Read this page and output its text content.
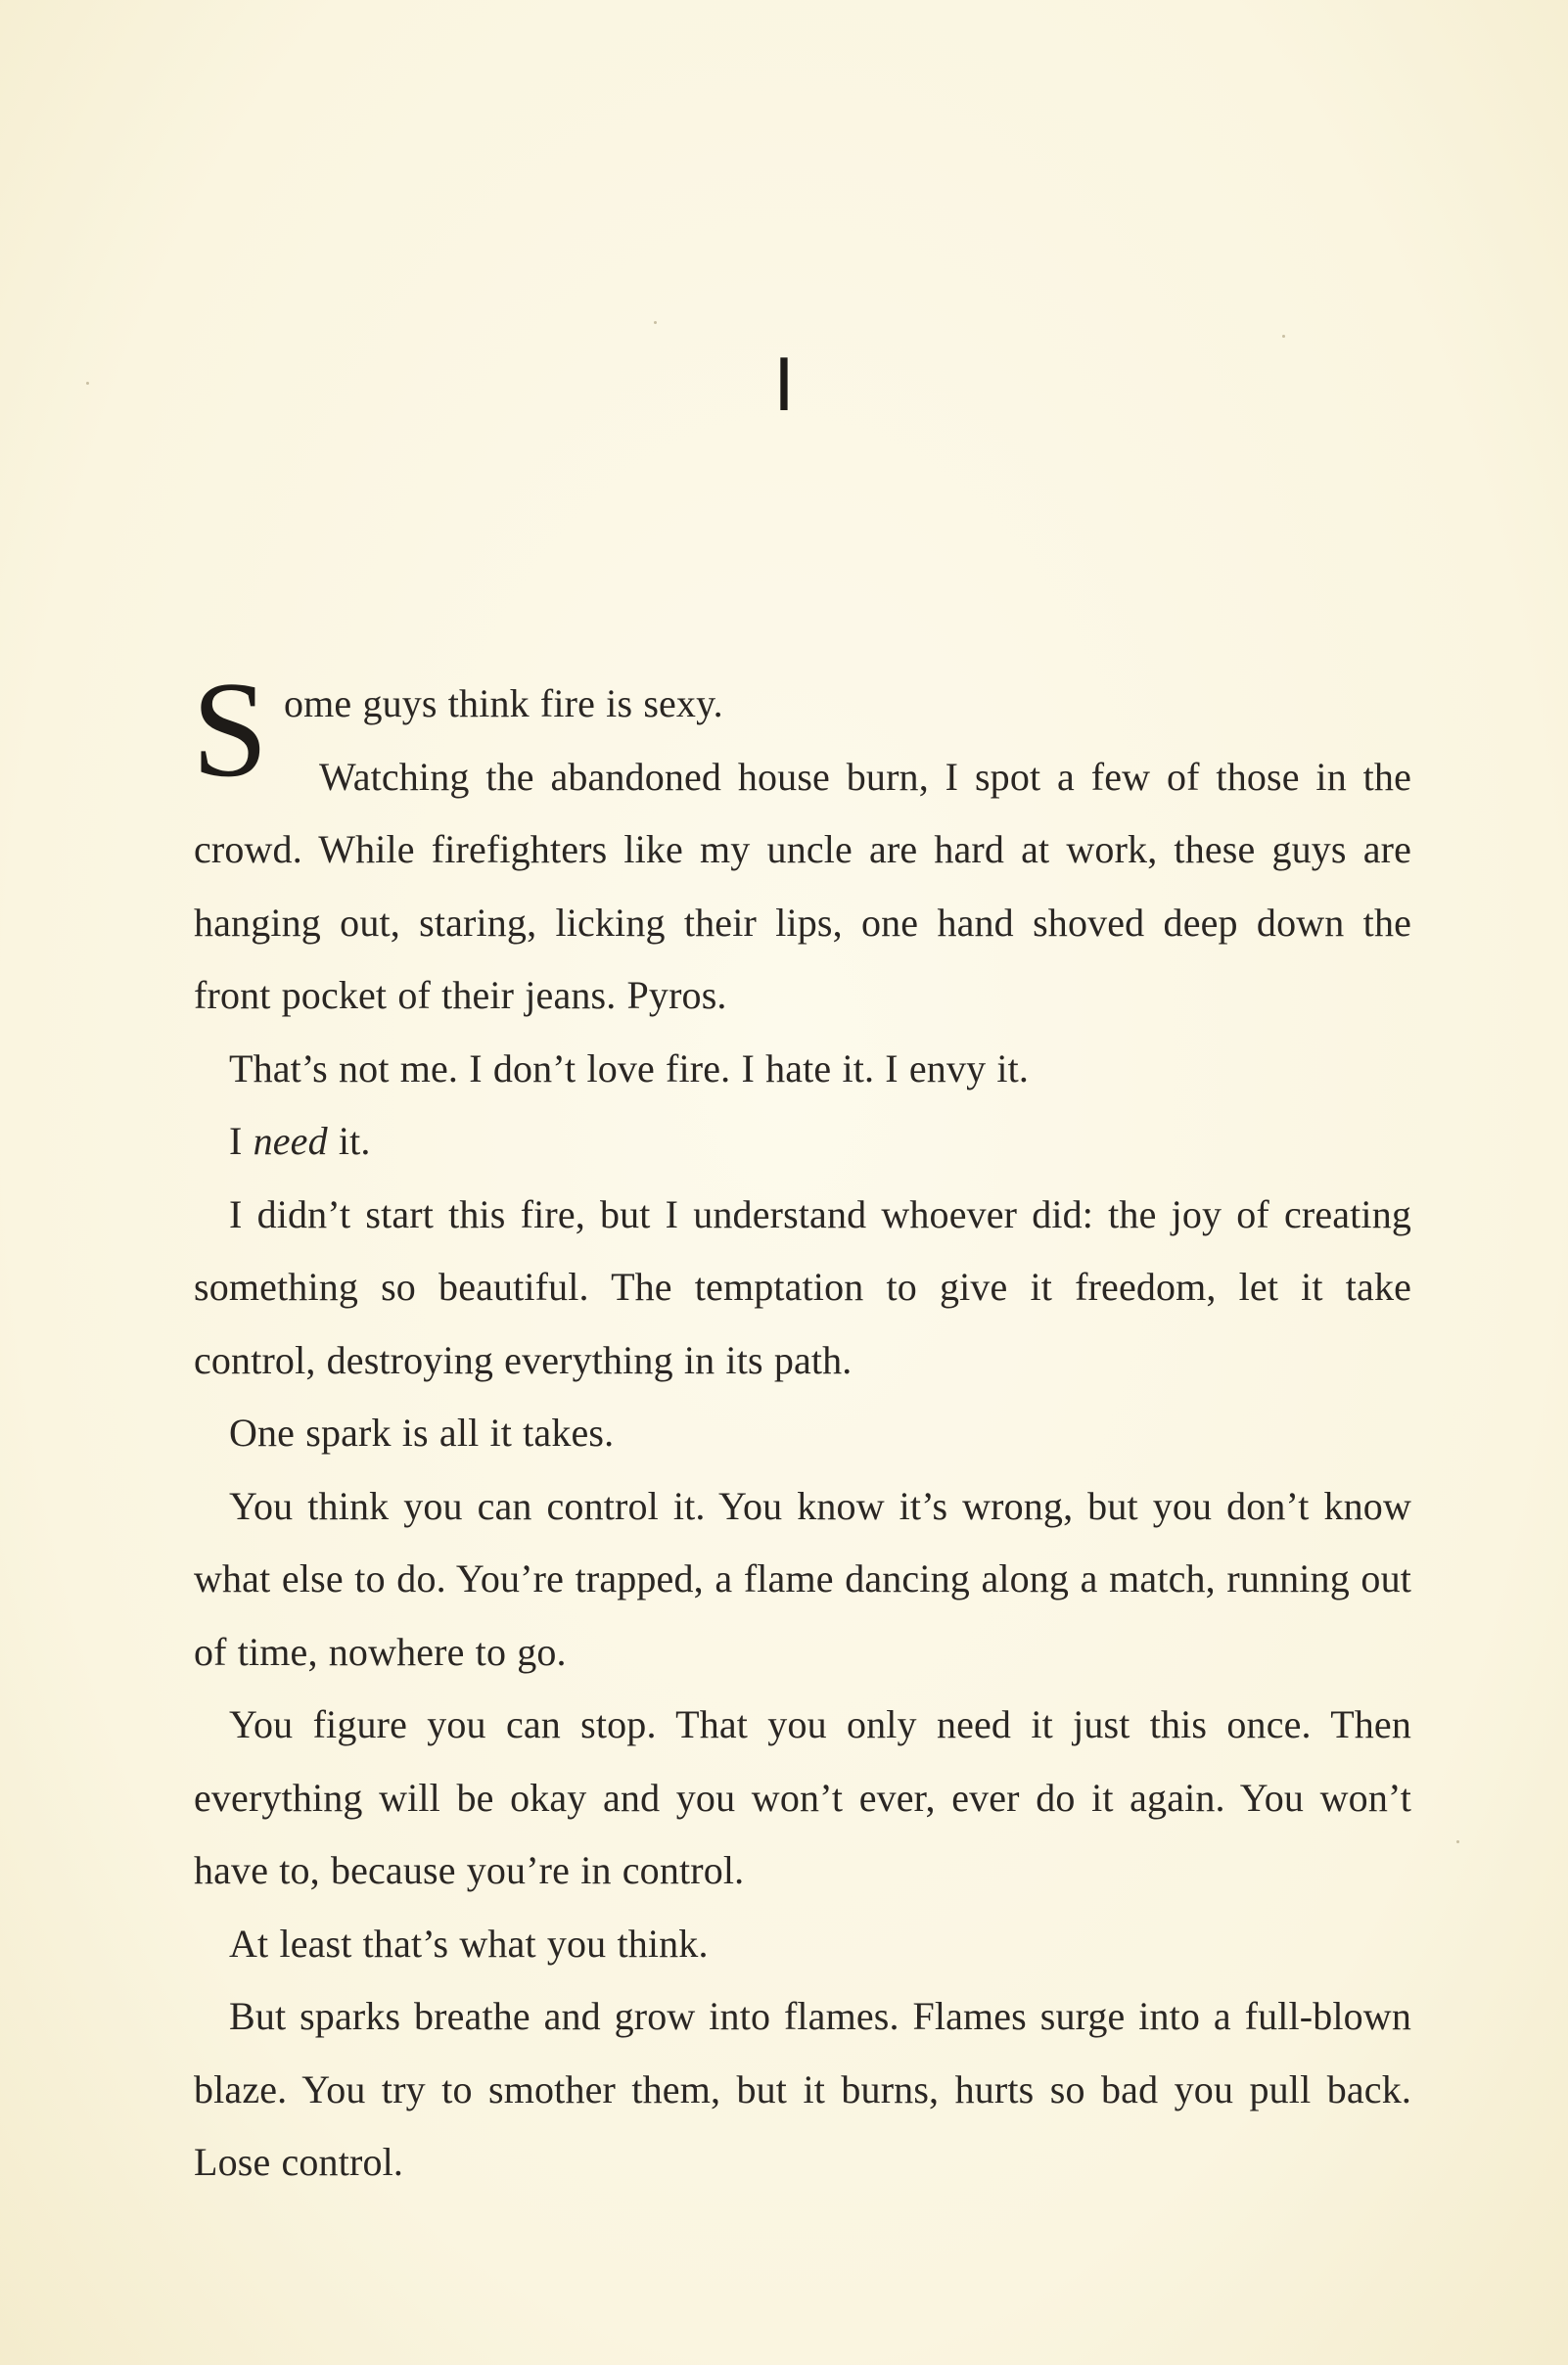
I

S ome guys think fire is sexy.

Watching the abandoned house burn, I spot a few of those in the crowd. While firefighters like my uncle are hard at work, these guys are hanging out, staring, licking their lips, one hand shoved deep down the front pocket of their jeans. Pyros.

That’s not me. I don’t love fire. I hate it. I envy it.

I need it.

I didn’t start this fire, but I understand whoever did: the joy of creating something so beautiful. The temptation to give it freedom, let it take control, destroying everything in its path.

One spark is all it takes.

You think you can control it. You know it’s wrong, but you don’t know what else to do. You’re trapped, a flame dancing along a match, running out of time, nowhere to go.

You figure you can stop. That you only need it just this once. Then everything will be okay and you won’t ever, ever do it again. You won’t have to, because you’re in control.

At least that’s what you think.

But sparks breathe and grow into flames. Flames surge into a full-blown blaze. You try to smother them, but it burns, hurts so bad you pull back. Lose control.
